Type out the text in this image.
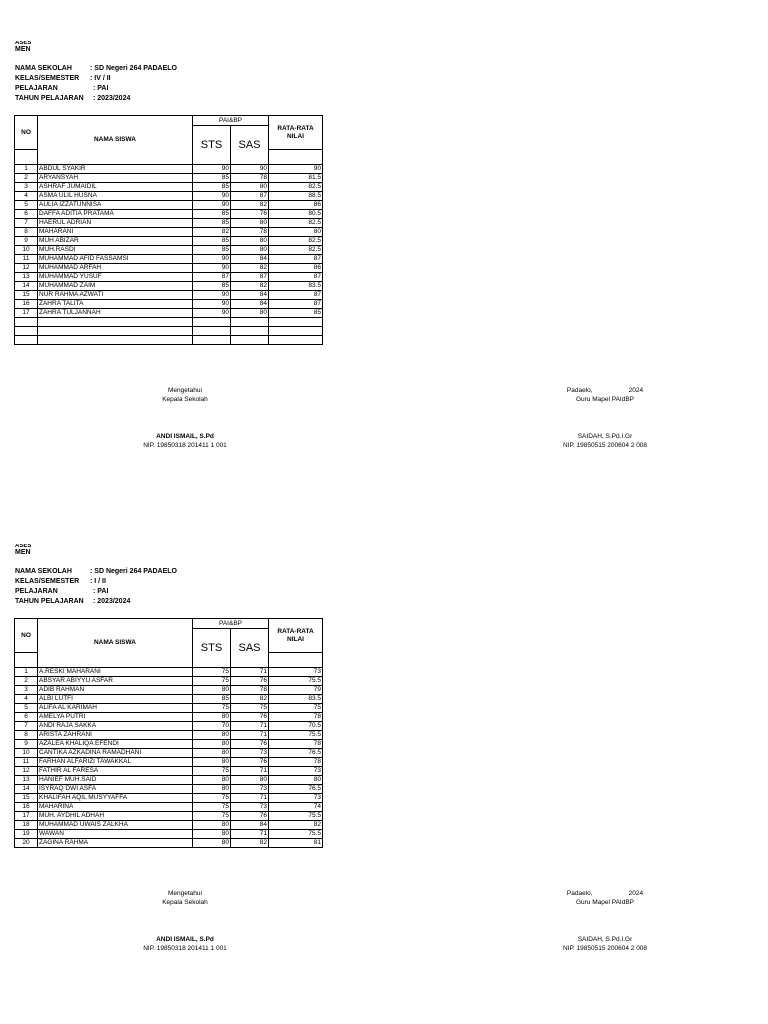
ASES
MEN
NAMA SEKOLAH	: SD Negeri 264 PADAELO
KELAS/SEMESTER : IV / II
PELAJARAN	: PAI
TAHUN PELAJARAN : 2023/2024
NO	NAMA SISWA	PAI&BP		RATA-RATA NILAI
		STS	SAS	

1	ABDUL SYAKIR	90	90	90
2	ARYANSYAH	85	78	81.5
3	ASHRAF JUMAIDIL	85	80	82.5
4	ASMA ULIL HUSNA	90	87	88.5
5	AULIA IZZATUNNISA	90	82	86
6	DAFFA ADITIA PRATAMA	85	76	80.5
7	HAERUL ADRIAN	85	80	82.5
8	MAHARANI	82	78	80
9	MUH ABIZAR	85	80	82.5
10	MUH.RASDI	85	80	82.5
11	MUHAMMAD AFID FASSAMSI	90	84	87
12	MUHAMMAD ARFAH	90	82	86
13	MUHAMMAD YUSUF	87	87	87
14	MUHAMMAD ZAIM	85	82	83.5
15	NUR RAHMA AZWATI	90	84	87
16	ZAHRA TALITA	90	84	87
17	ZAHRA TULJANNAH	90	80	85

Mengetahui
Kepala Sekolah
ANDI ISMAIL, S.Pd
NIP. 19850318 201411 1 001
Padaelo,	2024
Guru Mapel PAIdBP
SAIDAH, S.Pd.I.Gr
NIP. 19850515 200604 2 008
ASES
MEN
NAMA SEKOLAH	: SD Negeri 264 PADAELO
KELAS/SEMESTER : I / II
PELAJARAN	: PAI
TAHUN PELAJARAN : 2023/2024
NO	NAMA SISWA	PAI&BP		RATA-RATA NILAI
		STS	SAS	

1	A.RESKI MAHARANI	75	71	73
2	ABSYAR ABIYYU ASFAR	75	76	75.5
3	ADIB RAHMAN	80	78	79
4	ALBI LUTFI	85	82	83.5
5	ALIFA AL KARIMAH	75	75	75
6	AMELYA PUTRI	80	76	78
7	ANDI RAJA SAKKA	70	71	70.5
8	ARISTA ZAHRANI	80	71	75.5
9	AZALEA KHALIQA EFENDI	80	76	78
10	CANTIKA AZKADINA RAMADHANI	80	73	76.5
11	FARHAN ALFARIZI TAWAKKAL	80	76	78
12	FATHIR AL FARESA	75	71	73
13	HANIEF MUH.SAID	80	80	80
14	ISYRAQ DWI ASFA	80	73	76.5
15	KHALIFAH AQIL MUSYYAFFA	75	71	73
16	MAHARINA	75	73	74
17	MUH. AYDHIL ADHAH	75	76	75.5
18	MUHAMMAD UWAIS ZALKHA	80	84	82
19	WAWAN	80	71	75.5
20	ZAGINA RAHMA	80	82	81
Mengetahui
Kepala Sekolah
ANDI ISMAIL, S.Pd
NIP. 19850318 201411 1 001
Padaelo,	2024
Guru Mapel PAIdBP
SAIDAH, S.Pd.I.Gr
NIP. 19850515 200604 2 008
